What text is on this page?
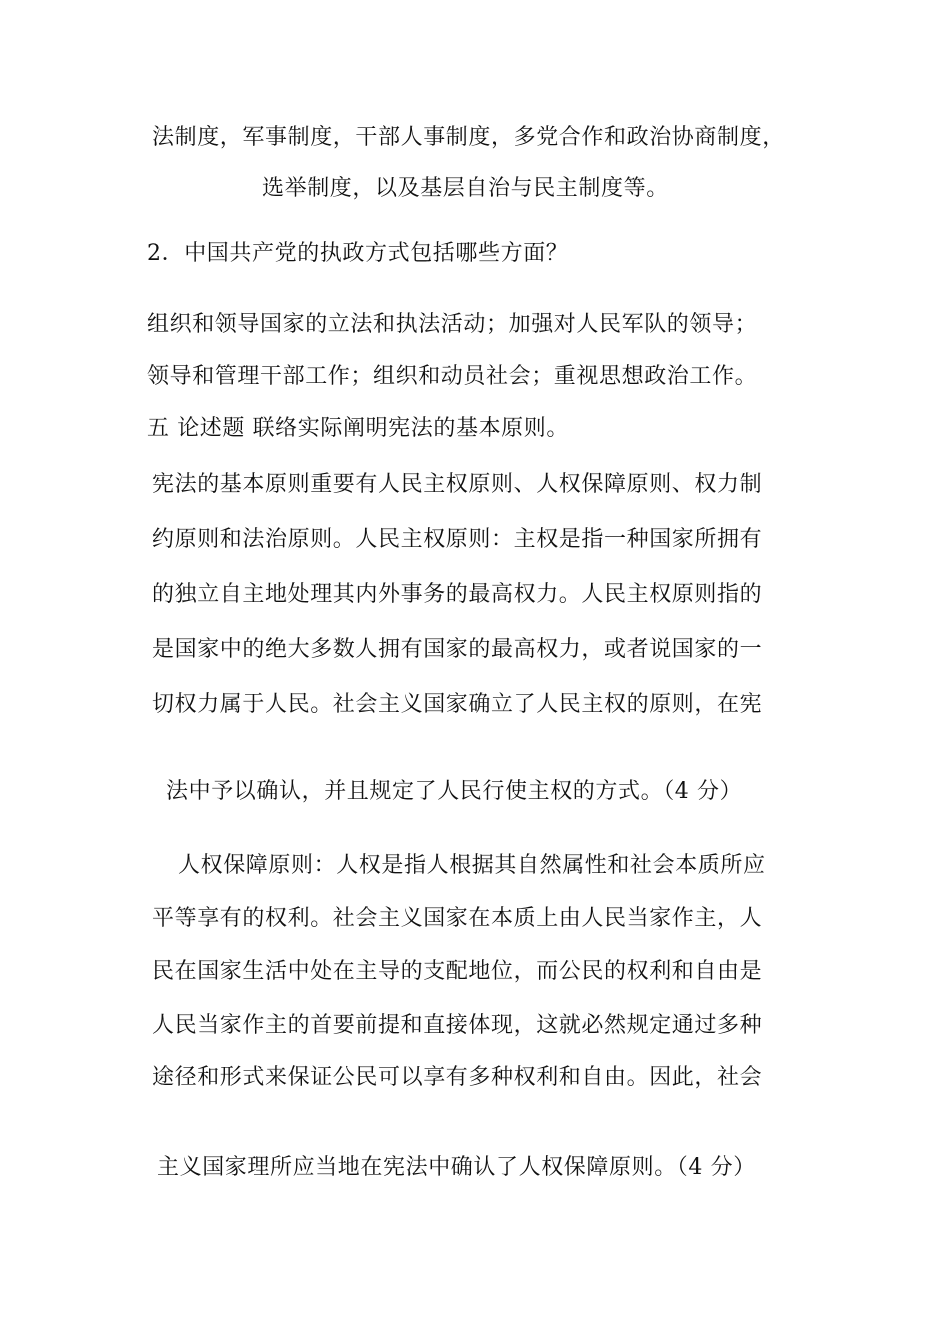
法制度，军事制度，干部人事制度，多党合作和政治协商制度，
选举制度，以及基层自治与民主制度等。
2．中国共产党的执政方式包括哪些方面？
组织和领导国家的立法和执法活动；加强对人民军队的领导；
领导和管理干部工作；组织和动员社会；重视思想政治工作。
五 论述题 联络实际阐明宪法的基本原则。
宪法的基本原则重要有人民主权原则、人权保障原则、权力制
约原则和法治原则。人民主权原则：主权是指一种国家所拥有
的独立自主地处理其内外事务的最高权力。人民主权原则指的
是国家中的绝大多数人拥有国家的最高权力，或者说国家的一
切权力属于人民。社会主义国家确立了人民主权的原则，在宪
法中予以确认，并且规定了人民行使主权的方式。（4 分）
人权保障原则：人权是指人根据其自然属性和社会本质所应
平等享有的权利。社会主义国家在本质上由人民当家作主，人
民在国家生活中处在主导的支配地位，而公民的权利和自由是
人民当家作主的首要前提和直接体现，这就必然规定通过多种
途径和形式来保证公民可以享有多种权利和自由。因此，社会
主义国家理所应当地在宪法中确认了人权保障原则。（4 分）
